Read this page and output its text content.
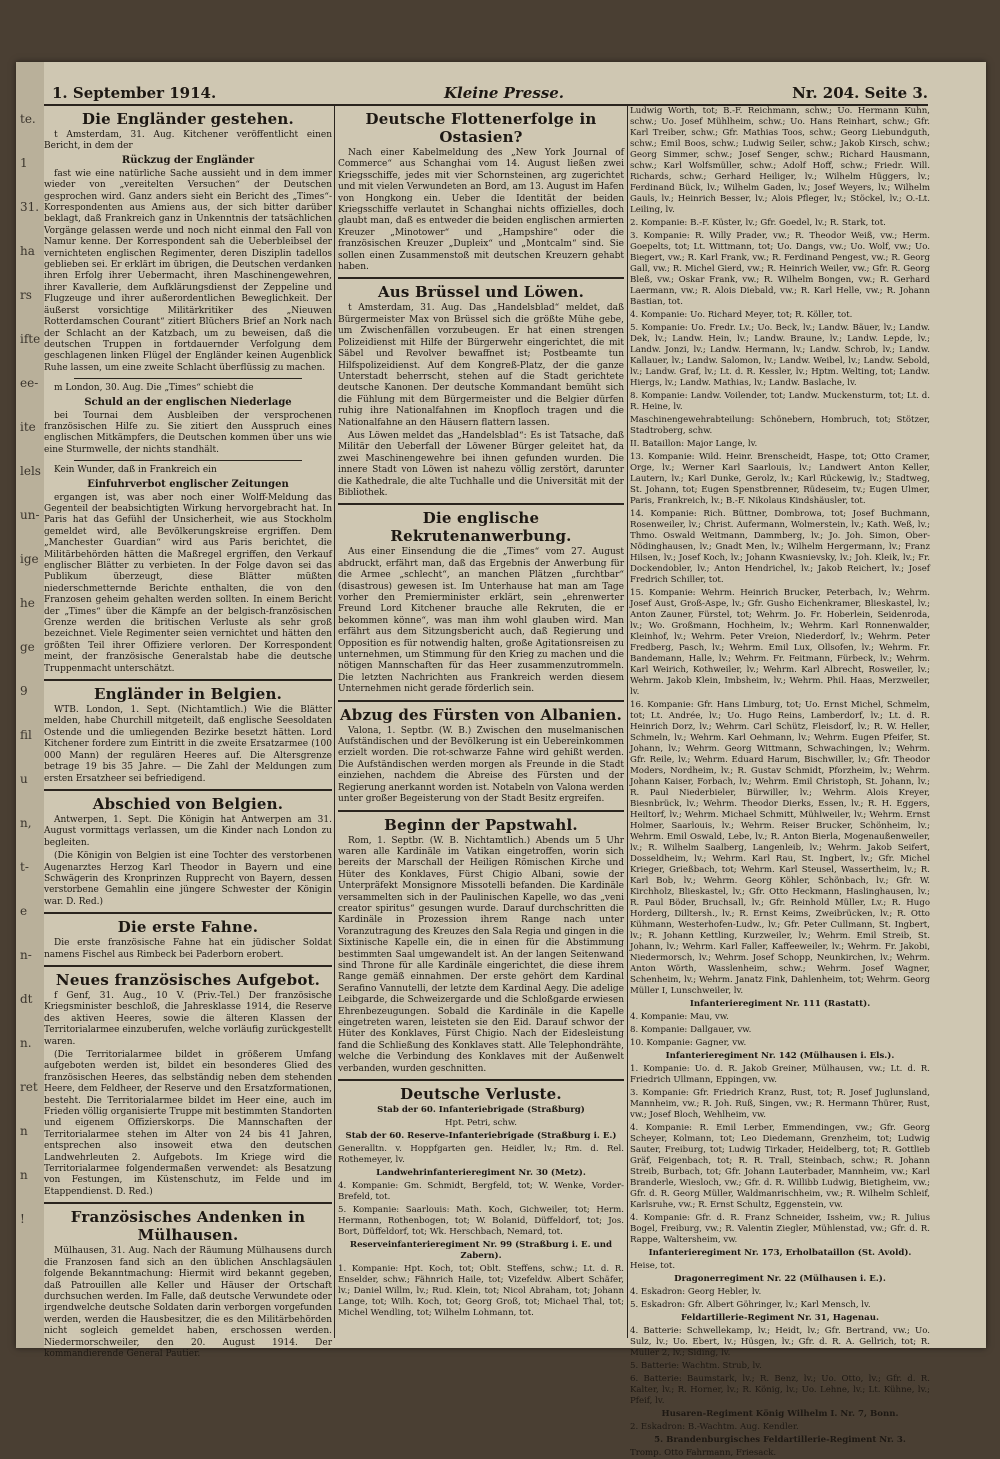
te.
1
31.
ha
rs
ifte
ee-
ite
lels
un-
ige
he
ge
9
fil
u
n,
t-
e
n-
dt
n.
ret
n
n
!
1. September 1914.	Kleine Presse.	Nr. 204. Seite 3.
Die Engländer gestehen.

t Amsterdam, 31. Aug. Kitchener veröffentlicht einen Bericht, in dem der

Rückzug der Engländer

fast wie eine natürliche Sache aussieht und in dem immer wieder von „vereitelten Versuchen“ der Deutschen gesprochen wird. Ganz anders sieht ein Bericht des „Times“-Korrespondenten aus Amiens aus, der sich bitter darüber beklagt, daß Frankreich ganz in Unkenntnis der tatsächlichen Vorgänge gelassen werde und noch nicht einmal den Fall von Namur kenne. Der Korrespondent sah die Ueberbleibsel der vernichteten englischen Regimenter, deren Disziplin tadellos geblieben sei. Er erklärt im übrigen, die Deutschen verdanken ihren Erfolg ihrer Uebermacht, ihren Maschinengewehren, ihrer Kavallerie, dem Aufklärungsdienst der Zeppeline und Flugzeuge und ihrer außerordentlichen Beweglichkeit. Der äußerst vorsichtige Militärkritiker des „Nieuwen Rotterdamschen Courant“ zitiert Blüchers Brief an Nork nach der Schlacht an der Katzbach, um zu beweisen, daß die deutschen Truppen in fortdauernder Verfolgung dem geschlagenen linken Flügel der Engländer keinen Augenblick Ruhe lassen, um eine zweite Schlacht überflüssig zu machen.

m London, 30. Aug. Die „Times“ schiebt die

Schuld an der englischen Niederlage

bei Tournai dem Ausbleiben der versprochenen französischen Hilfe zu. Sie zitiert den Ausspruch eines englischen Mitkämpfers, die Deutschen kommen über uns wie eine Sturmwelle, der nichts standhält.

Kein Wunder, daß in Frankreich ein

Einfuhrverbot englischer Zeitungen

ergangen ist, was aber noch einer Wolff-Meldung das Gegenteil der beabsichtigten Wirkung hervorgebracht hat. In Paris hat das Gefühl der Unsicherheit, wie aus Stockholm gemeldet wird, alle Bevölkerungskreise ergriffen. Dem „Manchester Guardian“ wird aus Paris berichtet, die Militärbehörden hätten die Maßregel ergriffen, den Verkauf englischer Blätter zu verbieten. In der Folge davon sei das Publikum überzeugt, diese Blätter müßten niederschmetternde Berichte enthalten, die von den Franzosen geheim gehalten werden sollten. In einem Bericht der „Times“ über die Kämpfe an der belgisch-französischen Grenze werden die britischen Verluste als sehr groß bezeichnet. Viele Regimenter seien vernichtet und hätten den größten Teil ihrer Offiziere verloren. Der Korrespondent meint, der französische Generalstab habe die deutsche Truppenmacht unterschätzt.

Engländer in Belgien.

WTB. London, 1. Sept. (Nichtamtlich.) Wie die Blätter melden, habe Churchill mitgeteilt, daß englische Seesoldaten Ostende und die umliegenden Bezirke besetzt hätten. Lord Kitchener fordere zum Eintritt in die zweite Ersatzarmee (100 000 Mann) der regulären Heeres auf. Die Altersgrenze betrage 19 bis 35 Jahre. — Die Zahl der Meldungen zum ersten Ersatzheer sei befriedigend.

Abschied von Belgien.

Antwerpen, 1. Sept. Die Königin hat Antwerpen am 31. August vormittags verlassen, um die Kinder nach London zu begleiten.

(Die Königin von Belgien ist eine Tochter des verstorbenen Augenarztes Herzog Karl Theodor in Bayern und eine Schwägerin des Kronprinzen Rupprecht von Bayern, dessen verstorbene Gemahlin eine jüngere Schwester der Königin war. D. Red.)

Die erste Fahne.

Die erste französische Fahne hat ein jüdischer Soldat namens Fischel aus Rimbeck bei Paderborn erobert.

Neues französisches Aufgebot.

f Genf, 31. Aug., 10 V. (Priv.-Tel.) Der französische Kriegsminister beschloß, die Jahresklasse 1914, die Reserve des aktiven Heeres, sowie die älteren Klassen der Territorialarmee einzuberufen, welche vorläufig zurückgestellt waren.

(Die Territorialarmee bildet in größerem Umfang aufgeboten werden ist, bildet ein besonderes Glied des französischen Heeres, das selbständig neben dem stehenden Heere, dem Feldheer, der Reserve und den Ersatzformationen, besteht. Die Territorialarmee bildet im Heer eine, auch im Frieden völlig organisierte Truppe mit bestimmten Standorten und eigenem Offizierskorps. Die Mannschaften der Territorialarmee stehen im Alter von 24 bis 41 Jahren, entsprechen also insoweit etwa den deutschen Landwehrleuten 2. Aufgebots. Im Kriege wird die Territorialarmee folgendermaßen verwendet: als Besatzung von Festungen, im Küstenschutz, im Felde und im Etappendienst. D. Red.)

Französisches Andenken in Mülhausen.

Mülhausen, 31. Aug. Nach der Räumung Mülhausens durch die Franzosen fand sich an den üblichen Anschlagsäulen folgende Bekanntmachung: Hiermit wird bekannt gegeben, daß Patrouillen alle Keller und Häuser der Ortschaft durchsuchen werden. Im Falle, daß deutsche Verwundete oder irgendwelche deutsche Soldaten darin verborgen vorgefunden werden, werden die Hausbesitzer, die es den Militärbehörden nicht sogleich gemeldet haben, erschossen werden. Niedermorschweiler, den 20. August 1914. Der kommandierende General Pautier.

Deutsche Flottenerfolge in Ostasien?

Nach einer Kabelmeldung des „New York Journal of Commerce“ aus Schanghai vom 14. August ließen zwei Kriegsschiffe, jedes mit vier Schornsteinen, arg zugerichtet und mit vielen Verwundeten an Bord, am 13. August im Hafen von Hongkong ein. Ueber die Identität der beiden Kriegsschiffe verlautet in Schanghai nichts offizielles, doch glaubt man, daß es entweder die beiden englischen armierten Kreuzer „Minotower“ und „Hampshire“ oder die französischen Kreuzer „Dupleix“ und „Montcalm“ sind. Sie sollen einen Zusammenstoß mit deutschen Kreuzern gehabt haben.

Aus Brüssel und Löwen.

t Amsterdam, 31. Aug. Das „Handelsblad“ meldet, daß Bürgermeister Max von Brüssel sich die größte Mühe gebe, um Zwischenfällen vorzubeugen. Er hat einen strengen Polizeidienst mit Hilfe der Bürgerwehr eingerichtet, die mit Säbel und Revolver bewaffnet ist; Postbeamte tun Hilfspolizeidienst. Auf dem Kongreß-Platz, der die ganze Unterstadt beherrscht, stehen auf die Stadt gerichtete deutsche Kanonen. Der deutsche Kommandant bemüht sich die Fühlung mit dem Bürgermeister und die Belgier dürfen ruhig ihre Nationalfahnen im Knopfloch tragen und die Nationalfahne an den Häusern flattern lassen.

Aus Löwen meldet das „Handelsblad“: Es ist Tatsache, daß Militär den Ueberfall der Löwener Bürger geleitet hat, da zwei Maschinengewehre bei ihnen gefunden wurden. Die innere Stadt von Löwen ist nahezu völlig zerstört, darunter die Kathedrale, die alte Tuchhalle und die Universität mit der Bibliothek.

Die englische Rekrutenanwerbung.

Aus einer Einsendung die die „Times“ vom 27. August abdruckt, erfährt man, daß das Ergebnis der Anwerbung für die Armee „schlecht“, an manchen Plätzen „furchtbar“ (disastrous) gewesen ist. Im Unterhause hat man am Tage vorher den Premierminister erklärt, sein „ehrenwerter Freund Lord Kitchener brauche alle Rekruten, die er bekommen könne“, was man ihm wohl glauben wird. Man erfährt aus dem Sitzungsbericht auch, daß Regierung und Opposition es für notwendig halten, große Agitationsreisen zu unternehmen, um Stimmung für den Krieg zu machen und die nötigen Mannschaften für das Heer zusammenzutrommeln. Die letzten Nachrichten aus Frankreich werden diesem Unternehmen nicht gerade förderlich sein.

Abzug des Fürsten von Albanien.

Valona, 1. Septbr. (W. B.) Zwischen den muselmanischen Aufständischen und der Bevölkerung ist ein Uebereinkommen erzielt worden. Die rot-schwarze Fahne wird gehißt werden. Die Aufständischen werden morgen als Freunde in die Stadt einziehen, nachdem die Abreise des Fürsten und der Regierung anerkannt worden ist. Notabeln von Valona werden unter großer Begeisterung von der Stadt Besitz ergreifen.

Beginn der Papstwahl.

Rom, 1. Septbr. (W. B. Nichtamtlich.) Abends um 5 Uhr waren alle Kardinäle im Vatikan eingetroffen, worin sich bereits der Marschall der Heiligen Römischen Kirche und Hüter des Konklaves, Fürst Chigio Albani, sowie der Unterpräfekt Monsignore Missotelli befanden. Die Kardinäle versammelten sich in der Paulinischen Kapelle, wo das „veni creator spiritus“ gesungen wurde. Darauf durchschritten die Kardinäle in Prozession ihrem Range nach unter Voranzutragung des Kreuzes den Sala Regia und gingen in die Sixtinische Kapelle ein, die in einen für die Abstimmung bestimmten Saal umgewandelt ist. An der langen Seitenwand sind Throne für alle Kardinäle eingerichtet, die diese ihrem Range gemäß einnahmen. Der erste gehört dem Kardinal Serafino Vannutelli, der letzte dem Kardinal Aegy. Die adelige Leibgarde, die Schweizergarde und die Schloßgarde erwiesen Ehrenbezeugungen. Sobald die Kardinäle in die Kapelle eingetreten waren, leisteten sie den Eid. Darauf schwor der Hüter des Konklaves, Fürst Chigio. Nach der Eidesleistung fand die Schließung des Konklaves statt. Alle Telephondrähte, welche die Verbindung des Konklaves mit der Außenwelt verbanden, wurden geschnitten.

Deutsche Verluste.

Stab der 60. Infanteriebrigade (Straßburg)

Hpt. Petri, schw.

Stab der 60. Reserve-Infanteriebrigade (Straßburg i. E.)

Generalltn. v. Hoppfgarten gen. Heidler, lv.; Rm. d. Rel. Rothemeyer, lv.

Landwehrinfanterieregiment Nr. 30 (Metz).

4. Kompanie: Gm. Schmidt, Bergfeld, tot; W. Wenke, Vorder-Brefeld, tot.

5. Kompanie: Saarlouis: Math. Koch, Gichweiler, tot; Herm. Hermann, Rothenbogen, tot; W. Bolanid, Düffeldorf, tot; Jos. Bort, Düffeldorf, tot; Wk. Herschbach, Nemard, tot.

Reserveinfanterieregiment Nr. 99 (Straßburg i. E. und Zabern).

1. Kompanie: Hpt. Koch, tot; Oblt. Steffens, schw.; Lt. d. R. Enselder, schw.; Fähnrich Haile, tot; Vizefeldw. Albert Schäfer, lv.; Daniel Willm, lv.; Rud. Klein, tot; Nicol Abraham, tot; Johann Lange, tot; Wilh. Koch, tot; Georg Groß, tot; Michael Thal, tot; Michel Wendling, tot; Wilhelm Lohmann, tot.

Ludwig Worth, tot; B.-F. Reichmann, schw.; Uo. Hermann Kuhn, schw.; Uo. Josef Mühlheim, schw.; Uo. Hans Reinhart, schw.; Gfr. Karl Treiber, schw.; Gfr. Mathias Toos, schw.; Georg Liebundguth, schw.; Emil Boos, schw.; Ludwig Seiler, schw.; Jakob Kirsch, schw.; Georg Simmer, schw.; Josef Senger, schw.; Richard Hausmann, schw.; Karl Wolfsmüller, schw.; Adolf Hoff, schw.; Friedr. Will. Richards, schw.; Gerhard Heiliger, lv.; Wilhelm Hüggers, lv.; Ferdinand Bück, lv.; Wilhelm Gaden, lv.; Josef Weyers, lv.; Wilhelm Gauls, lv.; Heinrich Besser, lv.; Alois Pfleger, lv.; Stöckel, lv.; O.-Lt. Leiling, lv.

2. Kompanie: B.-F. Küster, lv.; Gfr. Goedel, lv.; R. Stark, tot.

3. Kompanie: R. Willy Prader, vw.; R. Theodor Weiß, vw.; Herm. Goepelts, tot; Lt. Wittmann, tot; Uo. Dangs, vw.; Uo. Wolf, vw.; Uo. Biegert, vw.; R. Karl Frank, vw.; R. Ferdinand Pengest, vw.; R. Georg Gall, vw.; R. Michel Gierd, vw.; R. Heinrich Weiler, vw.; Gfr. R. Georg Bleß, vw.; Oskar Frank, vw.; R. Wilhelm Bongen, vw.; R. Gerhard Laermann, vw.; R. Alois Diebald, vw.; R. Karl Helle, vw.; R. Johann Bastian, tot.

4. Kompanie: Uo. Richard Meyer, tot; R. Köller, tot.

5. Kompanie: Uo. Fredr. Lv.; Uo. Beck, lv.; Landw. Bäuer, lv.; Landw. Dek, lv.; Landw. Hein, lv.; Landw. Braune, lv.; Landw. Lepde, lv.; Landw. Jonzi, lv.; Landw. Hermann, lv.; Landw. Schrob, lv.; Landw. Kallauer, lv.; Landw. Salomon, lv.; Landw. Weibel, lv.; Landw. Sebold, lv.; Landw. Graf, lv.; Lt. d. R. Kessler, lv.; Hptm. Welting, tot; Landw. Hiergs, lv.; Landw. Mathias, lv.; Landw. Baslache, lv.

8. Kompanie: Landw. Voilender, tot; Landw. Muckensturm, tot; Lt. d. R. Heine, lv.

Maschinengewehrabteilung: Schönebern, Hombruch, tot; Stötzer, Stadtroberg, schw.

II. Bataillon: Major Lange, lv.

13. Kompanie: Wild. Heinr. Brenscheidt, Haspe, tot; Otto Cramer, Orge, lv.; Werner Karl Saarlouis, lv.; Landwert Anton Keller, Lautern, lv.; Karl Dunke, Gerolz, lv.; Karl Rückewig, lv.; Stadtweg, St. Johann, tot; Eugen Spenstbrenner, Rüdeseim, tv.; Eugen Ulmer, Paris, Frankreich, lv.; B.-F. Nikolaus Kindshäusler, tot.

14. Kompanie: Rich. Büttner, Dombrowa, tot; Josef Buchmann, Rosenweiler, lv.; Christ. Aufermann, Wolmerstein, lv.; Kath. Weß, lv.; Thmo. Oswald Weitmann, Dammberg, lv.; Jo. Joh. Simon, Ober-Nödinghausen, lv.; Gnadt Men, lv.; Wilhelm Hergermann, lv.; Franz Hilsen, lv.; Josef Koch, lv.; Johann Kwasnievsky, lv.; Joh. Kleik, lv.; Fr. Dockendobler, lv.; Anton Hendrichel, lv.; Jakob Reichert, lv.; Josef Fredrich Schiller, tot.

15. Kompanie: Wehrm. Heinrich Brucker, Peterbach, lv.; Wehrm. Josef Aust, Groß-Aspe, lv.; Gfr. Gusho Eichenkramer, Blieskastel, lv.; Anton Zauner, Fürstel, tot; Wehrm. Jo. Fr. Hoberlein, Seidenroda, lv.; Wo. Großmann, Hochheim, lv.; Wehrm. Karl Ronnenwalder, Kleinhof, lv.; Wehrm. Peter Vreion, Niederdorf, lv.; Wehrm. Peter Fredberg, Pasch, lv.; Wehrm. Emil Lux, Ollsofen, lv.; Wehrm. Fr. Bandemann, Halle, lv.; Wehrm. Fr. Feitmann, Fürbeck, lv.; Wehrm. Karl Weirich, Kothweiler, lv.; Wehrm. Karl Albrecht, Rosweiler, lv.; Wehrm. Jakob Klein, Imbsheim, lv.; Wehrm. Phil. Haas, Merzweiler, lv.

16. Kompanie: Gfr. Hans Limburg, tot; Uo. Ernst Michel, Schmelm, tot; Lt. Andrée, lv.; Uo. Hugo Reins, Lamberdorf, lv.; Lt. d. R. Heinrich Dorz, lv.; Wehrm. Carl Schütz, Fleisdorf, lv.; R. W. Heller, Schmeln, lv.; Wehrm. Karl Oehmann, lv.; Wehrm. Eugen Pfeifer, St. Johann, lv.; Wehrm. Georg Wittmann, Schwachingen, lv.; Wehrm. Gfr. Reile, lv.; Wehrm. Eduard Harum, Bischwiller, lv.; Gfr. Theodor Moders, Nordheim, lv.; R. Gustav Schmidt, Pforzheim, lv.; Wehrm. Johann Kaiser, Forbach, lv.; Wehrm. Emil Christoph, St. Johann, lv.; R. Paul Niederbieler, Bürwiller, lv.; Wehrm. Alois Kreyer, Biesnbrück, lv.; Wehrm. Theodor Dierks, Essen, lv.; R. H. Eggers, Heiltorf, lv.; Wehrm. Michael Schmitt, Mühlweiler, lv.; Wehrm. Ernst Holmer, Saarlouis, lv.; Wehrm. Reiser Brucker, Schönheim, lv.; Wehrm. Emil Oswald, Lebe, lv.; R. Anton Bierla, Mogenaußenweiler, lv.; R. Wilhelm Saalberg, Langenleib, lv.; Wehrm. Jakob Seifert, Dosseldheim, lv.; Wehrm. Karl Rau, St. Ingbert, lv.; Gfr. Michel Krieger, Grießbach, tot; Wehrm. Karl Steusel, Wassertheim, lv.; R. Karl Bob, lv.; Wehrm. Georg Köhler, Schönbach, lv.; Gfr. W. Kirchholz, Blieskastel, lv.; Gfr. Otto Heckmann, Haslinghausen, lv.; R. Paul Böder, Bruchsall, lv.; Gfr. Reinhold Müller, Lv.; R. Hugo Horderg, Dilltersh., lv.; R. Ernst Keims, Zweibrücken, lv.; R. Otto Kühmann, Westerhofen-Ludw., lv.; Gfr. Peter Cullmann, St. Ingbert, lv.; R. Johann Kettling, Kurzweiler, lv.; Wehrm. Emil Streib, St. Johann, lv.; Wehrm. Karl Faller, Kaffeeweiler, lv.; Wehrm. Fr. Jakobi, Niedermorsch, lv.; Wehrm. Josef Schopp, Neunkirchen, lv.; Wehrm. Anton Wörth, Wasslenheim, schw.; Wehrm. Josef Wagner, Schenheim, lv.; Wehrm. Janatz Fink, Dahlenheim, tot; Wehrm. Georg Müller I, Lunschweiler, lv.

Infanterieregiment Nr. 111 (Rastatt).

4. Kompanie: Mau, vw.

8. Kompanie: Dallgauer, vw.

10. Kompanie: Gagner, vw.

Infanterieregiment Nr. 142 (Mülhausen i. Els.).

1. Kompanie: Uo. d. R. Jakob Greiner, Mülhausen, vw.; Lt. d. R. Friedrich Ullmann, Eppingen, vw.

3. Kompanie: Gfr. Friedrich Kranz, Rust, tot; R. Josef Juglunsland, Mannheim, vw.; R. Joh. Ruß, Singen, vw.; R. Hermann Thürer, Rust, vw.; Josef Bloch, Wehlheim, vw.

4. Kompanie: R. Emil Lerber, Emmendingen, vw.; Gfr. Georg Scheyer, Kolmann, tot; Leo Diedemann, Grenzheim, tot; Ludwig Sauter, Freiburg, tot; Ludwig Tirkader, Heidelberg, tot; R. Gottlieb Gräf, Feigenbach, tot; R. R. Trall, Steinbach, schw.; R. Johann Streib, Burbach, tot; Gfr. Johann Lauterbader, Mannheim, vw.; Karl Branderle, Wiesloch, vw.; Gfr. d. R. Willibb Ludwig, Bietigheim, vw.; Gfr. d. R. Georg Müller, Waldmanrischheim, vw.; R. Wilhelm Schleif, Karlsruhe, vw.; R. Ernst Schultz, Eggenstein, vw.

4. Kompanie: Gfr. d. R. Franz Schneider, Issheim, vw.; R. Julius Bogel, Freiburg, vw.; R. Valentin Ziegler, Mühlenstad, vw.; Gfr. d. R. Rappe, Waltersheim, vw.

Infanterieregiment Nr. 173, Erholbataillon (St. Avold).

Heise, tot.

Dragonerregiment Nr. 22 (Mülhausen i. E.).

4. Eskadron: Georg Hebler, lv.

5. Eskadron: Gfr. Albert Göhringer, lv.; Karl Mensch, lv.

Feldartillerie-Regiment Nr. 31, Hagenau.

4. Batterie: Schwellekamp, lv.; Heidt, lv.; Gfr. Bertrand, vw.; Uo. Sulz, lv.; Uo. Ebert, lv.; Hüsgen, lv.; Gfr. d. R. A. Gellrich, tot; R. Müller 2, lv.; Siding, lv.

5. Batterie: Wachtm. Strub, lv.

6. Batterie: Baumstark, lv.; R. Benz, lv.; Uo. Otto, lv.; Gfr. d. R. Kalter, lv.; R. Horner, lv.; R. König, lv.; Uo. Lehne, lv.; Lt. Kühne, lv.; Pfeif, lv.

Husaren-Regiment König Wilhelm I. Nr. 7, Bonn.

2. Eskadron: B.-Wachtm. Aug. Kendler.

5. Brandenburgisches Feldartillerie-Regiment Nr. 3.

Tromp. Otto Fahrmann, Friesack.
